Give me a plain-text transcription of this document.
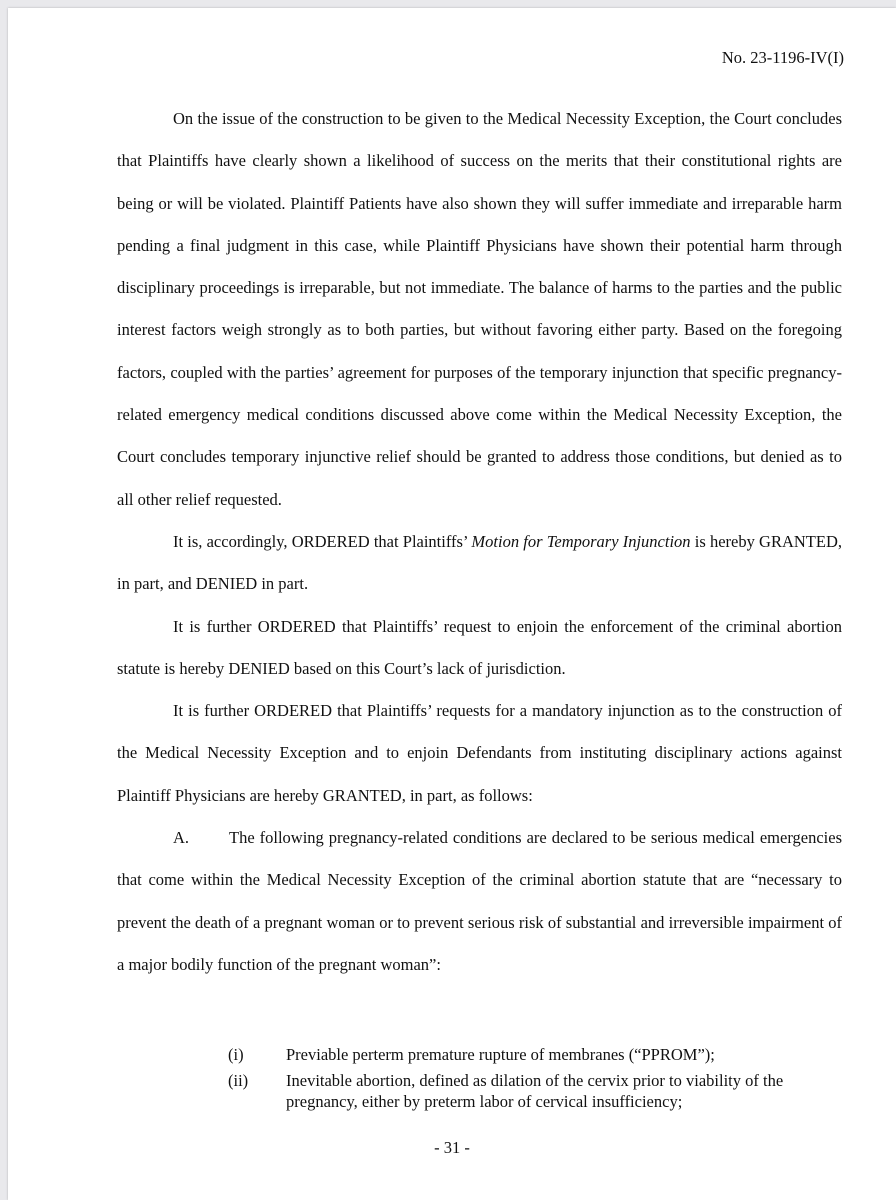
No. 23-1196-IV(I)

On the issue of the construction to be given to the Medical Necessity Exception, the Court concludes that Plaintiffs have clearly shown a likelihood of success on the merits that their constitutional rights are being or will be violated. Plaintiff Patients have also shown they will suffer immediate and irreparable harm pending a final judgment in this case, while Plaintiff Physicians have shown their potential harm through disciplinary proceedings is irreparable, but not immediate. The balance of harms to the parties and the public interest factors weigh strongly as to both parties, but without favoring either party. Based on the foregoing factors, coupled with the parties’ agreement for purposes of the temporary injunction that specific pregnancy-related emergency medical conditions discussed above come within the Medical Necessity Exception, the Court concludes temporary injunctive relief should be granted to address those conditions, but denied as to all other relief requested.

It is, accordingly, ORDERED that Plaintiffs’ Motion for Temporary Injunction is hereby GRANTED, in part, and DENIED in part.

It is further ORDERED that Plaintiffs’ request to enjoin the enforcement of the criminal abortion statute is hereby DENIED based on this Court’s lack of jurisdiction.

It is further ORDERED that Plaintiffs’ requests for a mandatory injunction as to the construction of the Medical Necessity Exception and to enjoin Defendants from instituting disciplinary actions against Plaintiff Physicians are hereby GRANTED, in part, as follows:

A. The following pregnancy-related conditions are declared to be serious medical emergencies that come within the Medical Necessity Exception of the criminal abortion statute that are “necessary to prevent the death of a pregnant woman or to prevent serious risk of substantial and irreversible impairment of a major bodily function of the pregnant woman”:

(i)	Previable perterm premature rupture of membranes (“PPROM”);
(ii)	Inevitable abortion, defined as dilation of the cervix prior to viability of the pregnancy, either by preterm labor of cervical insufficiency;
- 31 -
